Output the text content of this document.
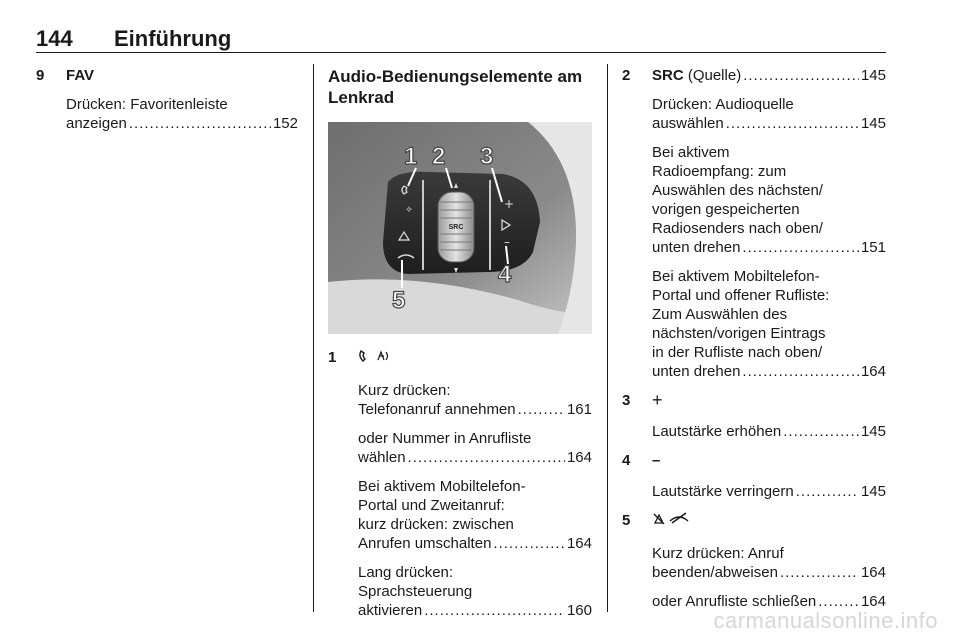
144 Einführung
9 FAV
Drücken: Favoritenleiste
anzeigen .....	152
Audio-Bedienungselemente am Lenkrad
SRC
⟡	+
–
1 2 3
4
5
1
Kurz drücken:
Telefonanruf annehmen .....	161
oder Nummer in Anrufliste
wählen .....	164
Bei aktivem Mobiltelefon-
Portal und Zweitanruf:
kurz drücken: zwischen
Anrufen umschalten .....	164
Lang drücken:
Sprachsteuerung
aktivieren .....	160
2 SRC (Quelle) .....	145
Drücken: Audioquelle
auswählen .....	145
Bei aktivem
Radioempfang: zum
Auswählen des nächsten/
vorigen gespeicherten
Radiosenders nach oben/
unten drehen .....	151
Bei aktivem Mobiltelefon-
Portal und offener Rufliste:
Zum Auswählen des
nächsten/vorigen Eintrags
in der Rufliste nach oben/
unten drehen .....	164
3 +
Lautstärke erhöhen .....	145
4 –
Lautstärke verringern .....	145
5
Kurz drücken: Anruf
beenden/abweisen .....	164
oder Anrufliste schließen .....	164
carmanualsonline.info
